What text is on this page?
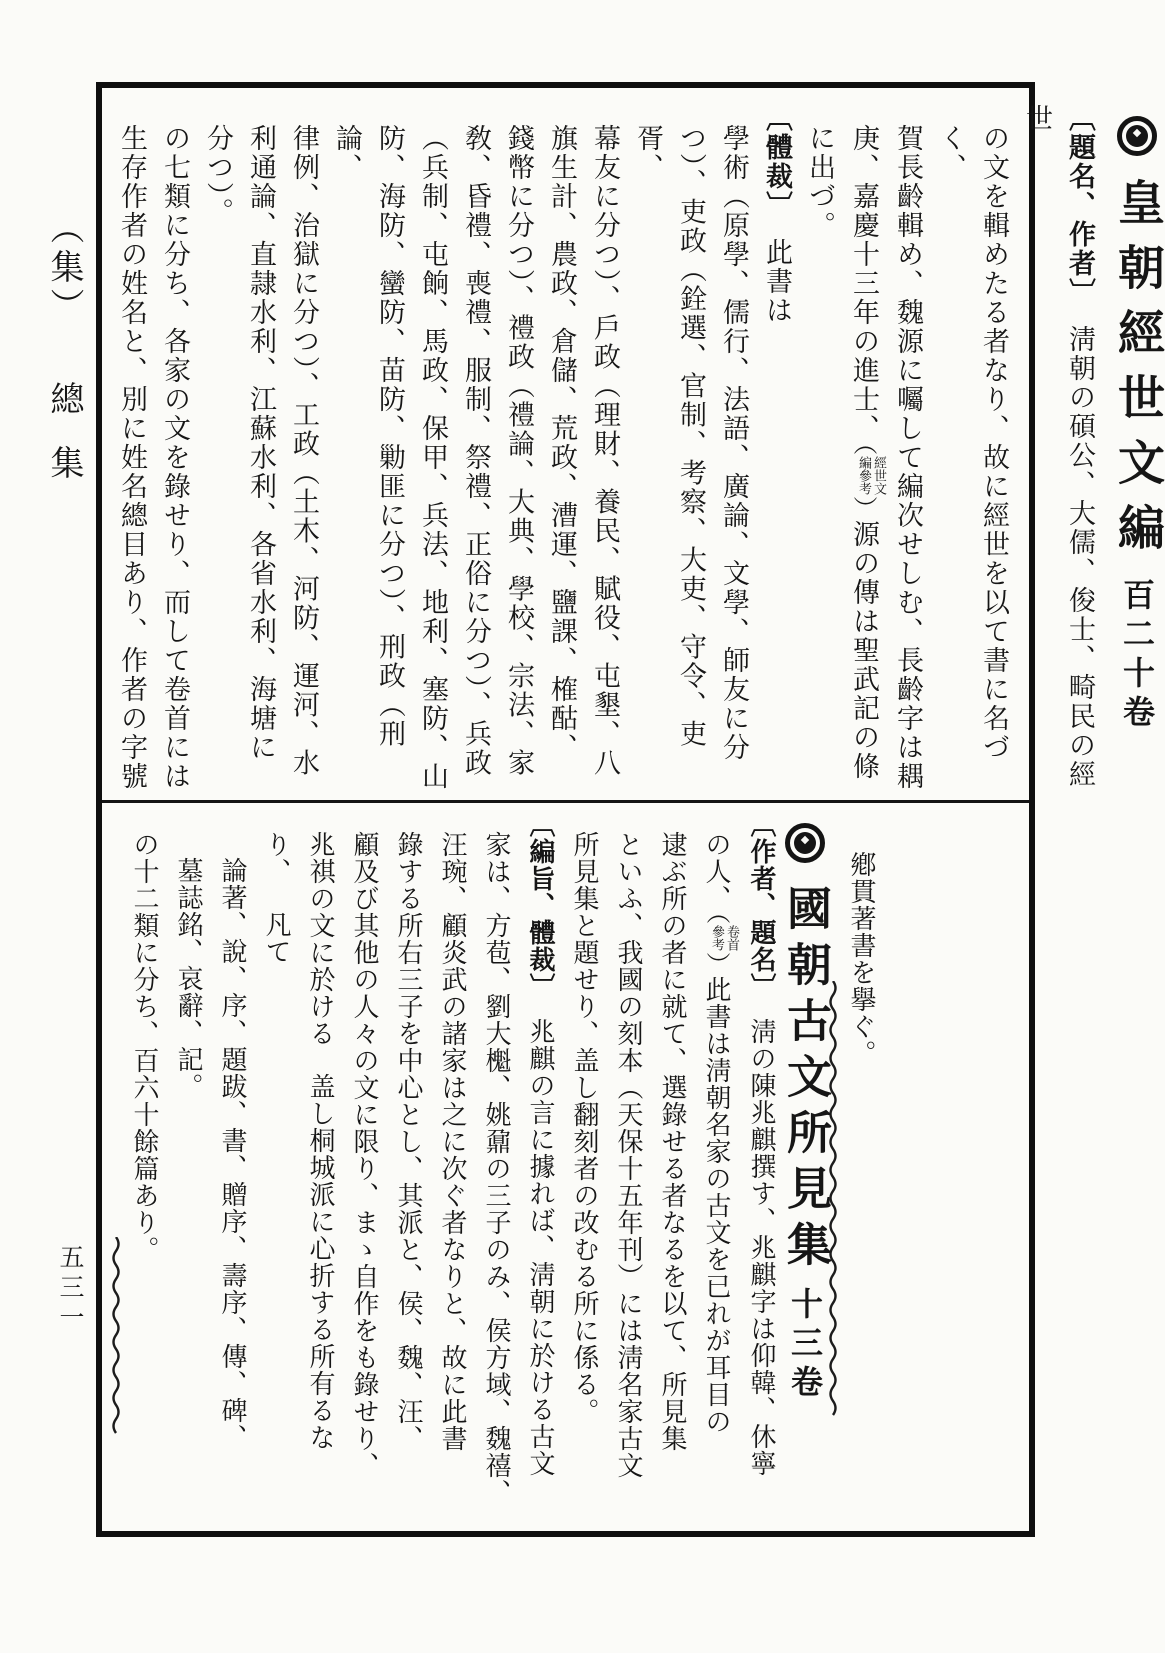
（集）總集
五三一
皇朝經世文編百二十卷
〔題名、作者〕淸朝の碩公、大儒、俊士、畸民の經世
の文を輯めたる者なり、故に經世を以て書に名づく、
賀長齡輯め、魏源に囑して編次せしむ、長齡字は耦
庚、嘉慶十三年の進士、（
經世文
編參考
）源の傳は聖武記の條
に出づ。
〔體裁〕此書は
學術（原學、儒行、法語、廣論、文學、師友に分
つ）、吏政（銓選、官制、考察、大吏、守令、吏胥、
幕友に分つ）、戶政（理財、養民、賦役、屯墾、八
旗生計、農政、倉儲、荒政、漕運、鹽課、榷酤、
錢幣に分つ）、禮政（禮論、大典、學校、宗法、家
敎、昏禮、喪禮、服制、祭禮、正俗に分つ）、兵政
（兵制、屯餉、馬政、保甲、兵法、地利、塞防、山
防、海防、蠻防、苗防、勦匪に分つ）、刑政（刑論、
律例、治獄に分つ）、工政（土木、河防、運河、水
利通論、直隷水利、江蘇水利、各省水利、海塘に
分つ）。
の七類に分ち、各家の文を錄せり、而して卷首には
生存作者の姓名と、別に姓名總目あり、作者の字號
鄕貫著書を擧ぐ。
國朝古文所見集十三卷
〔作者、題名〕淸の陳兆麒撰す、兆麒字は仰韓、休寧
の人、（
卷首
參考
）此書は淸朝名家の古文を已れが耳目の
逮ぶ所の者に就て、選錄せる者なるを以て、所見集
といふ、我國の刻本（天保十五年刊）には淸名家古文
所見集と題せり、盖し翻刻者の改むる所に係る。
〔編旨、體裁〕兆麒の言に據れば、淸朝に於ける古文
家は、方苞、劉大櫆、姚鼐の三子のみ、侯方域、魏禧、
汪琬、顧炎武の諸家は之に次ぐ者なりと、故に此書
錄する所右三子を中心とし、其派と、侯、魏、汪、
顧及び其他の人々の文に限り、まゝ自作をも錄せり、
兆祺の文に於ける盖し桐城派に心折する所有るな
り、凡て
論著、說、序、題跋、書、贈序、壽序、傳、碑、
墓誌銘、哀辭、記。
の十二類に分ち、百六十餘篇あり。
